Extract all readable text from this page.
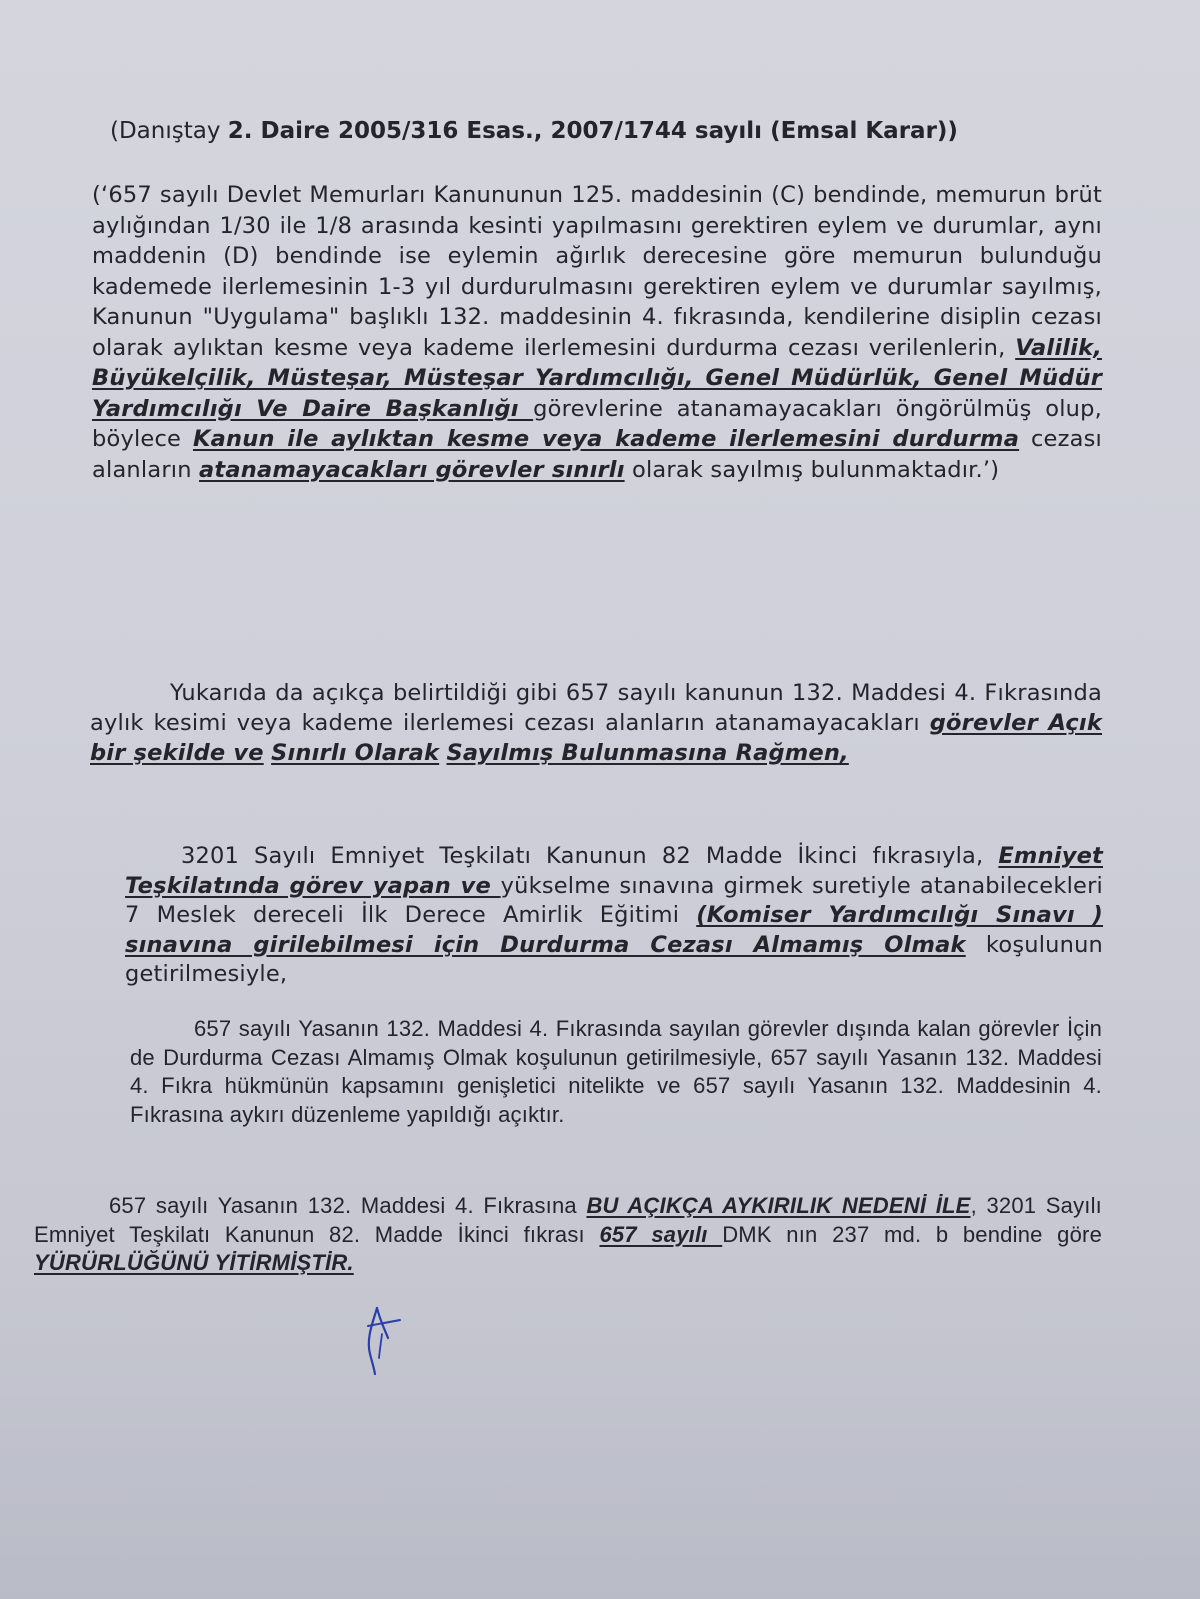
(Danıştay 2. Daire 2005/316 Esas., 2007/1744 sayılı (Emsal Karar))
(‘657 sayılı Devlet Memurları Kanununun 125. maddesinin (C) bendinde, memurun brüt aylığından 1/30 ile 1/8 arasında kesinti yapılmasını gerektiren eylem ve durumlar, aynı maddenin (D) bendinde ise eylemin ağırlık derecesine göre memurun bulunduğu kademede ilerlemesinin 1-3 yıl durdurulmasını gerektiren eylem ve durumlar sayılmış, Kanunun "Uygulama" başlıklı 132. maddesinin 4. fıkrasında, kendilerine disiplin cezası olarak aylıktan kesme veya kademe ilerlemesini durdurma cezası verilenlerin, Valilik, Büyükelçilik, Müsteşar, Müsteşar Yardımcılığı, Genel Müdürlük, Genel Müdür Yardımcılığı Ve Daire Başkanlığı görevlerine atanamayacakları öngörülmüş olup, böylece Kanun ile aylıktan kesme veya kademe ilerlemesini durdurma cezası alanların atanamayacakları görevler sınırlı olarak sayılmış bulunmaktadır.’)
Yukarıda da açıkça belirtildiği gibi 657 sayılı kanunun 132. Maddesi 4. Fıkrasında aylık kesimi veya kademe ilerlemesi cezası alanların atanamayacakları görevler Açık bir şekilde ve Sınırlı Olarak Sayılmış Bulunmasına Rağmen,
3201 Sayılı Emniyet Teşkilatı Kanunun 82 Madde İkinci fıkrasıyla, Emniyet Teşkilatında görev yapan ve yükselme sınavına girmek suretiyle atanabilecekleri 7 Meslek dereceli İlk Derece Amirlik Eğitimi (Komiser Yardımcılığı Sınavı ) sınavına girilebilmesi için Durdurma Cezası Almamış Olmak koşulunun getirilmesiyle,
657 sayılı Yasanın 132. Maddesi 4. Fıkrasında sayılan görevler dışında kalan görevler İçin de Durdurma Cezası Almamış Olmak koşulunun getirilmesiyle, 657 sayılı Yasanın 132. Maddesi 4. Fıkra hükmünün kapsamını genişletici nitelikte ve 657 sayılı Yasanın 132. Maddesinin 4. Fıkrasına aykırı düzenleme yapıldığı açıktır.
657 sayılı Yasanın 132. Maddesi 4. Fıkrasına BU AÇIKÇA AYKIRILIK NEDENİ İLE, 3201 Sayılı Emniyet Teşkilatı Kanunun 82. Madde İkinci fıkrası 657 sayılı DMK nın 237 md. b bendine göre YÜRÜRLÜĞÜNÜ YİTİRMİŞTİR.
